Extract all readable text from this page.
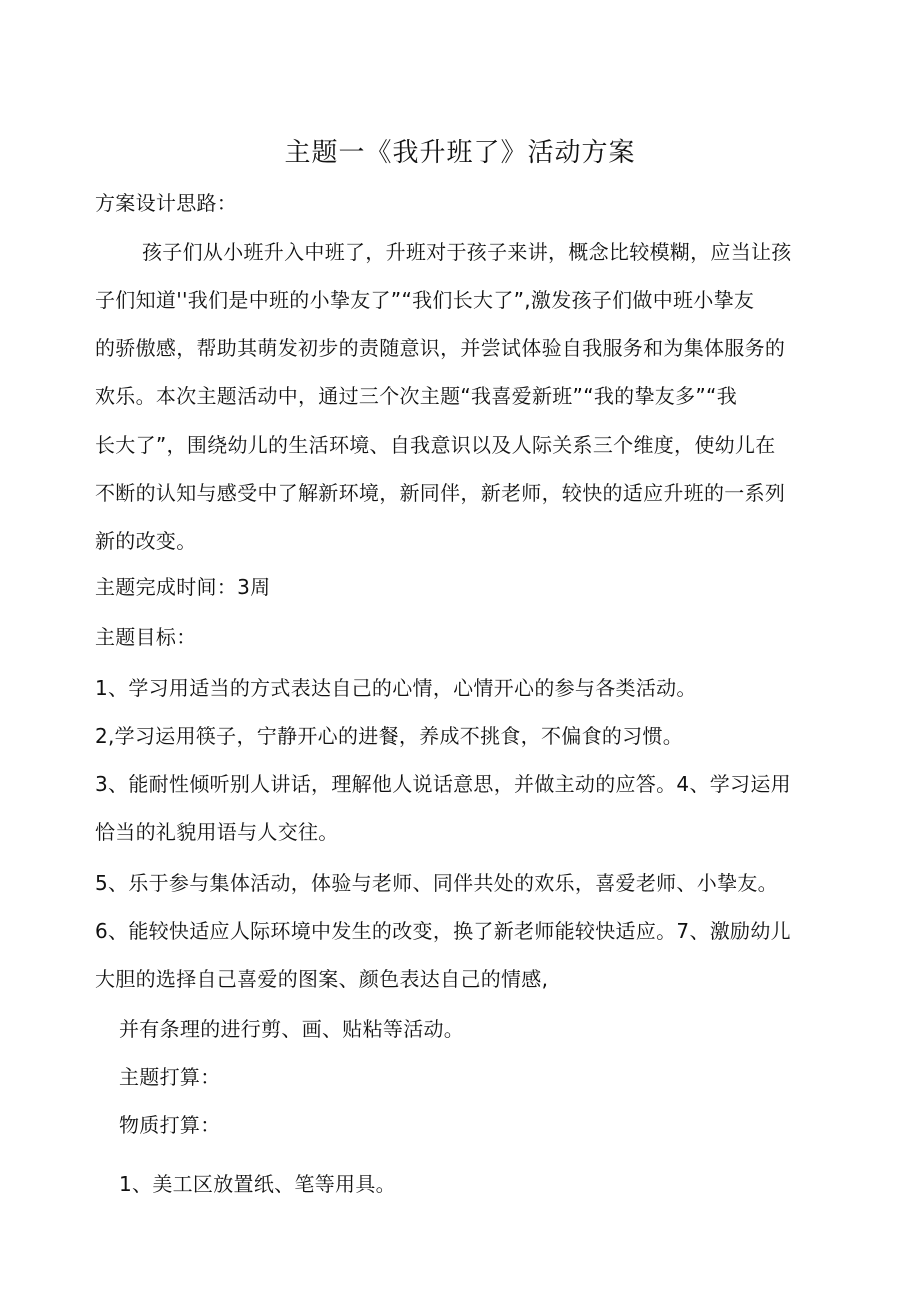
主题一《我升班了》活动方案
方案设计思路：
孩子们从小班升入中班了，升班对于孩子来讲，概念比较模糊，应当让孩
子们知道''我们是中班的小挚友了”“我们长大了”,激发孩子们做中班小挚友
的骄傲感，帮助其萌发初步的责随意识，并尝试体验自我服务和为集体服务的
欢乐。本次主题活动中，通过三个次主题“我喜爱新班”“我的挚友多”“我
长大了”，围绕幼儿的生活环境、自我意识以及人际关系三个维度，使幼儿在
不断的认知与感受中了解新环境，新同伴，新老师，较快的适应升班的一系列
新的改变。
主题完成时间：3周
主题目标：
1、学习用适当的方式表达自己的心情，心情开心的参与各类活动。
2,学习运用筷子，宁静开心的进餐，养成不挑食，不偏食的习惯。
3、能耐性倾听别人讲话，理解他人说话意思，并做主动的应答。4、学习运用
恰当的礼貌用语与人交往。
5、乐于参与集体活动，体验与老师、同伴共处的欢乐，喜爱老师、小挚友。
6、能较快适应人际环境中发生的改变，换了新老师能较快适应。7、激励幼儿
大胆的选择自己喜爱的图案、颜色表达自己的情感,
并有条理的进行剪、画、贴粘等活动。
主题打算：
物质打算：
1、美工区放置纸、笔等用具。
